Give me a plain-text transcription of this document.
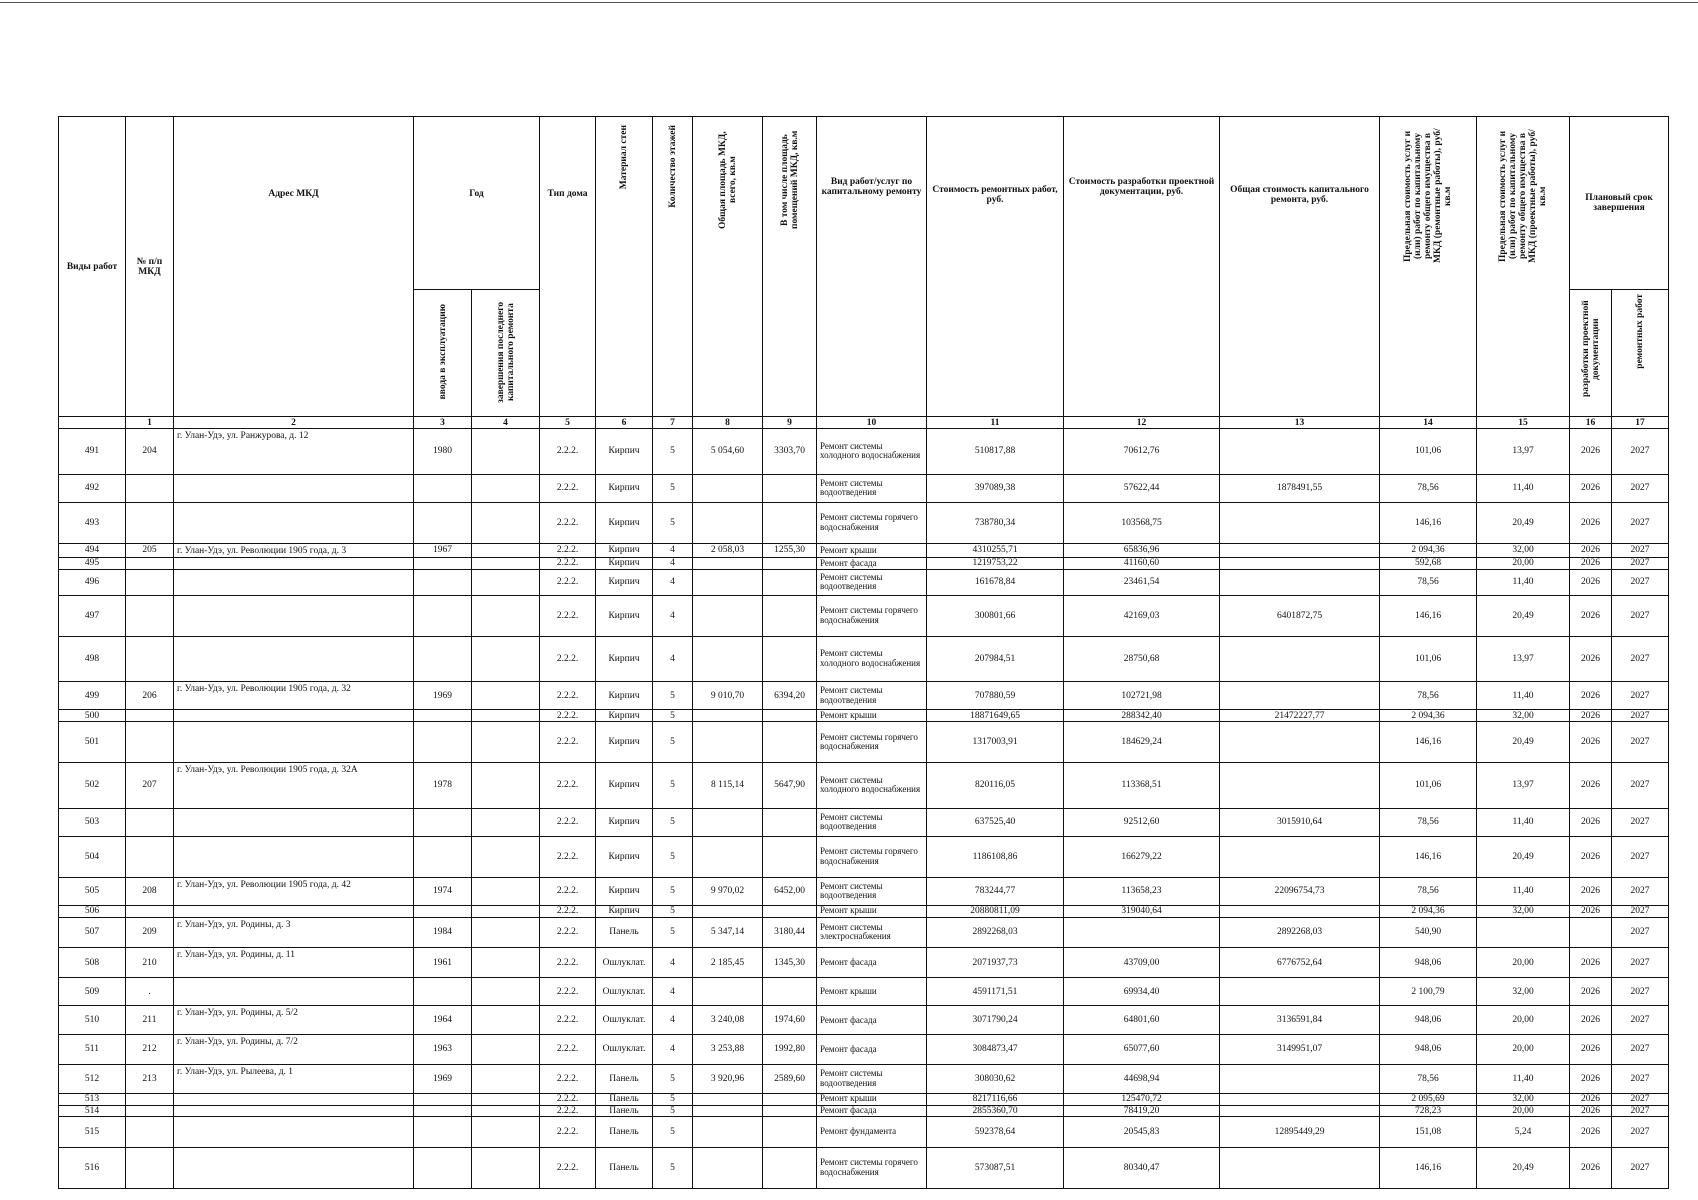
Виды работ	№ п/п МКД	Адрес МКД	Год		Тип дома	Материал стен	Количество этажей	Общая площадь МКД, всего, кв.м	В том числе площадь помещений МКД, кв.м	Вид работ/услуг по капитальному ремонту	Стоимость ремонтных работ, руб.	Стоимость разработки проектной документации, руб.	Общая стоимость капитального ремонта, руб.	Предельная стоимость услуг и (или) работ по капитальному ремонту общего имущества в МКД (ремонтные работы), руб/кв.м	Предельная стоимость услуг и (или) работ по капитальному ремонту общего имущества в МКД (проектные работы), руб/кв.м	Плановый срок завершения	
			ввода в эксплуатацию	завершения последнего капитального ремонта												разработки проектной документации	ремонтных работ
	1	2	3	4	5	6	7	8	9	10	11	12	13	14	15	16	17
491	204	г. Улан-Удэ, ул. Ранжурова, д. 12	1980		2.2.2.	Кирпич	5	5 054,60	3303,70	Ремонт системы холодного водоснабжения	510817,88	70612,76		101,06	13,97	2026	2027
492					2.2.2.	Кирпич	5			Ремонт системы водоотведения	397089,38	57622,44	1878491,55	78,56	11,40	2026	2027
493					2.2.2.	Кирпич	5			Ремонт системы горячего водоснабжения	738780,34	103568,75		146,16	20,49	2026	2027
494	205	г. Улан-Удэ, ул. Революции 1905 года, д. 3	1967		2.2.2.	Кирпич	4	2 058,03	1255,30	Ремонт крыши	4310255,71	65836,96		2 094,36	32,00	2026	2027
495					2.2.2.	Кирпич	4			Ремонт фасада	1219753,22	41160,60		592,68	20,00	2026	2027
496					2.2.2.	Кирпич	4			Ремонт системы водоотведения	161678,84	23461,54		78,56	11,40	2026	2027
497					2.2.2.	Кирпич	4			Ремонт системы горячего водоснабжения	300801,66	42169,03	6401872,75	146,16	20,49	2026	2027
498					2.2.2.	Кирпич	4			Ремонт системы холодного водоснабжения	207984,51	28750,68		101,06	13,97	2026	2027
499	206	г. Улан-Удэ, ул. Революции 1905 года, д. 32	1969		2.2.2.	Кирпич	5	9 010,70	6394,20	Ремонт системы водоотведения	707880,59	102721,98		78,56	11,40	2026	2027
500					2.2.2.	Кирпич	5			Ремонт крыши	18871649,65	288342,40	21472227,77	2 094,36	32,00	2026	2027
501					2.2.2.	Кирпич	5			Ремонт системы горячего водоснабжения	1317003,91	184629,24		146,16	20,49	2026	2027
502	207	г. Улан-Удэ, ул. Революции 1905 года, д. 32А	1978		2.2.2.	Кирпич	5	8 115,14	5647,90	Ремонт системы холодного водоснабжения	820116,05	113368,51		101,06	13,97	2026	2027
503					2.2.2.	Кирпич	5			Ремонт системы водоотведения	637525,40	92512,60	3015910,64	78,56	11,40	2026	2027
504					2.2.2.	Кирпич	5			Ремонт системы горячего водоснабжения	1186108,86	166279,22		146,16	20,49	2026	2027
505	208	г. Улан-Удэ, ул. Революции 1905 года, д. 42	1974		2.2.2.	Кирпич	5	9 970,02	6452,00	Ремонт системы водоотведения	783244,77	113658,23	22096754,73	78,56	11,40	2026	2027
506					2.2.2.	Кирпич	5			Ремонт крыши	20880811,09	319040,64		2 094,36	32,00	2026	2027
507	209	г. Улан-Удэ, ул. Родины, д. 3	1984		2.2.2.	Панель	5	5 347,14	3180,44	Ремонт системы электроснабжения	2892268,03		2892268,03	540,90			2027
508	210	г. Улан-Удэ, ул. Родины, д. 11	1961		2.2.2.	Ошлуклат.	4	2 185,45	1345,30	Ремонт фасада	2071937,73	43709,00	6776752,64	948,06	20,00	2026	2027
509	.				2.2.2.	Ошлуклат.	4			Ремонт крыши	4591171,51	69934,40		2 100,79	32,00	2026	2027
510	211	г. Улан-Удэ, ул. Родины, д. 5/2	1964		2.2.2.	Ошлуклат.	4	3 240,08	1974,60	Ремонт фасада	3071790,24	64801,60	3136591,84	948,06	20,00	2026	2027
511	212	г. Улан-Удэ, ул. Родины, д. 7/2	1963		2.2.2.	Ошлуклат.	4	3 253,88	1992,80	Ремонт фасада	3084873,47	65077,60	3149951,07	948,06	20,00	2026	2027
512	213	г. Улан-Удэ, ул. Рылеева, д. 1	1969		2.2.2.	Панель	5	3 920,96	2589,60	Ремонт системы водоотведения	308030,62	44698,94		78,56	11,40	2026	2027
513					2.2.2.	Панель	5			Ремонт крыши	8217116,66	125470,72		2 095,69	32,00	2026	2027
514					2.2.2.	Панель	5			Ремонт фасада	2855360,70	78419,20		728,23	20,00	2026	2027
515					2.2.2.	Панель	5			Ремонт фундамента	592378,64	20545,83	12895449,29	151,08	5,24	2026	2027
516					2.2.2.	Панель	5			Ремонт системы горячего водоснабжения	573087,51	80340,47		146,16	20,49	2026	2027
